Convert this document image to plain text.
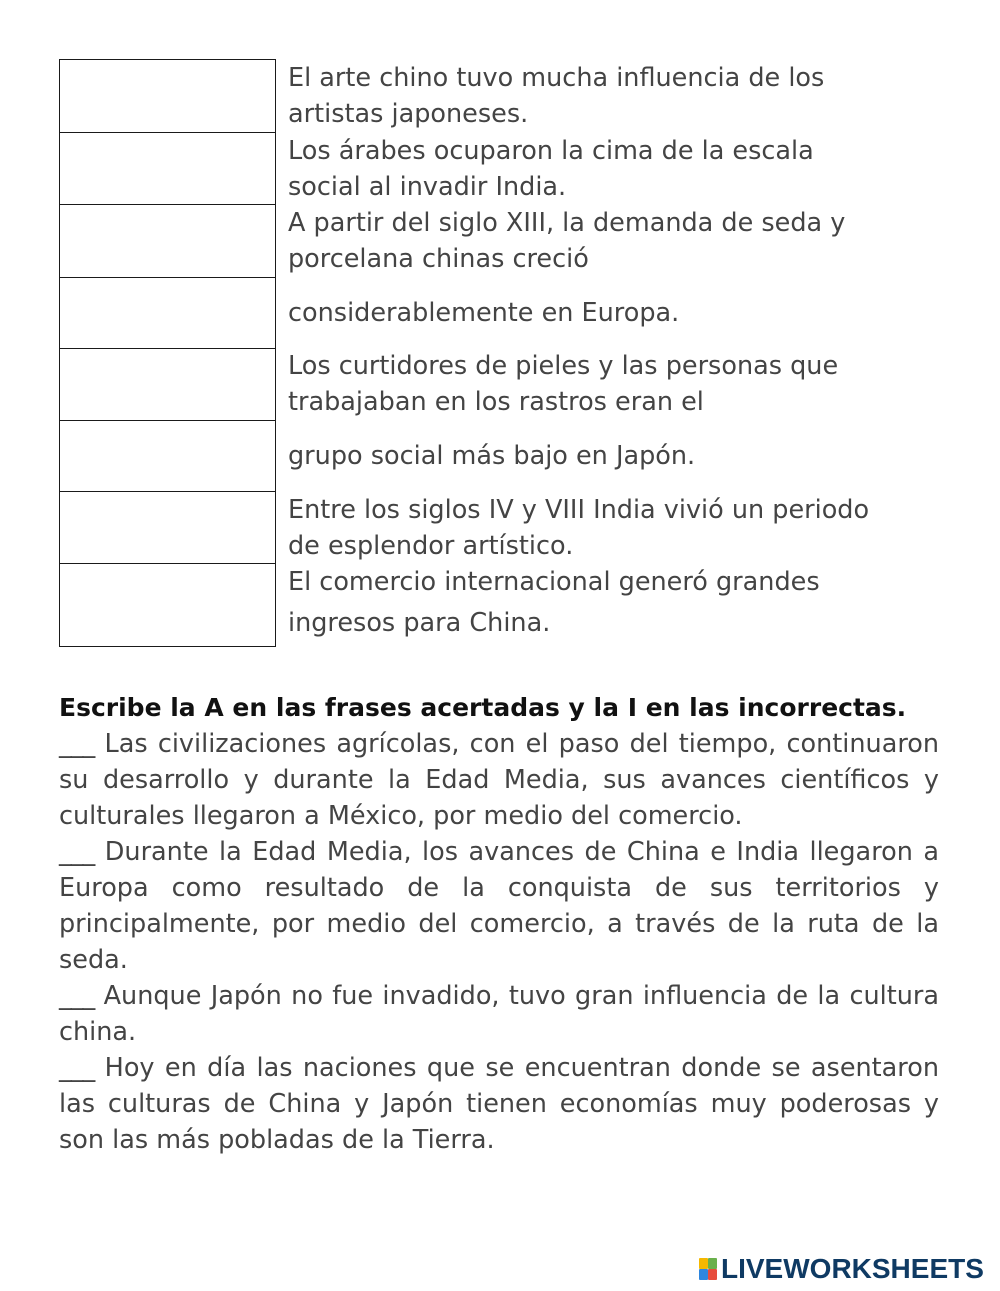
El arte chino tuvo mucha influencia de los
artistas japoneses.
Los árabes ocuparon la cima de la escala
social al invadir India.
A partir del siglo XIII, la demanda de seda y
porcelana chinas creció
considerablemente en Europa.
Los curtidores de pieles y las personas que
trabajaban en los rastros eran el
grupo social más bajo en Japón.
Entre los siglos IV y VIII India vivió un periodo
de esplendor artístico.
El comercio internacional generó grandes
ingresos para China.
Escribe la A en las frases acertadas y la I en las incorrectas.
___ Las civilizaciones agrícolas, con el paso del tiempo, continuaron su desarrollo y durante la Edad Media, sus avances científicos y culturales llegaron a México, por medio del comercio.
___ Durante la Edad Media, los avances de China e India llegaron a Europa como resultado de la conquista de sus territorios y principalmente, por medio del comercio, a través de la ruta de la seda.
___ Aunque Japón no fue invadido, tuvo gran influencia de la cultura china.
___ Hoy en día las naciones que se encuentran donde se asentaron las culturas de China y Japón tienen economías muy poderosas y son las más pobladas de la Tierra.
LIVEWORKSHEETS
